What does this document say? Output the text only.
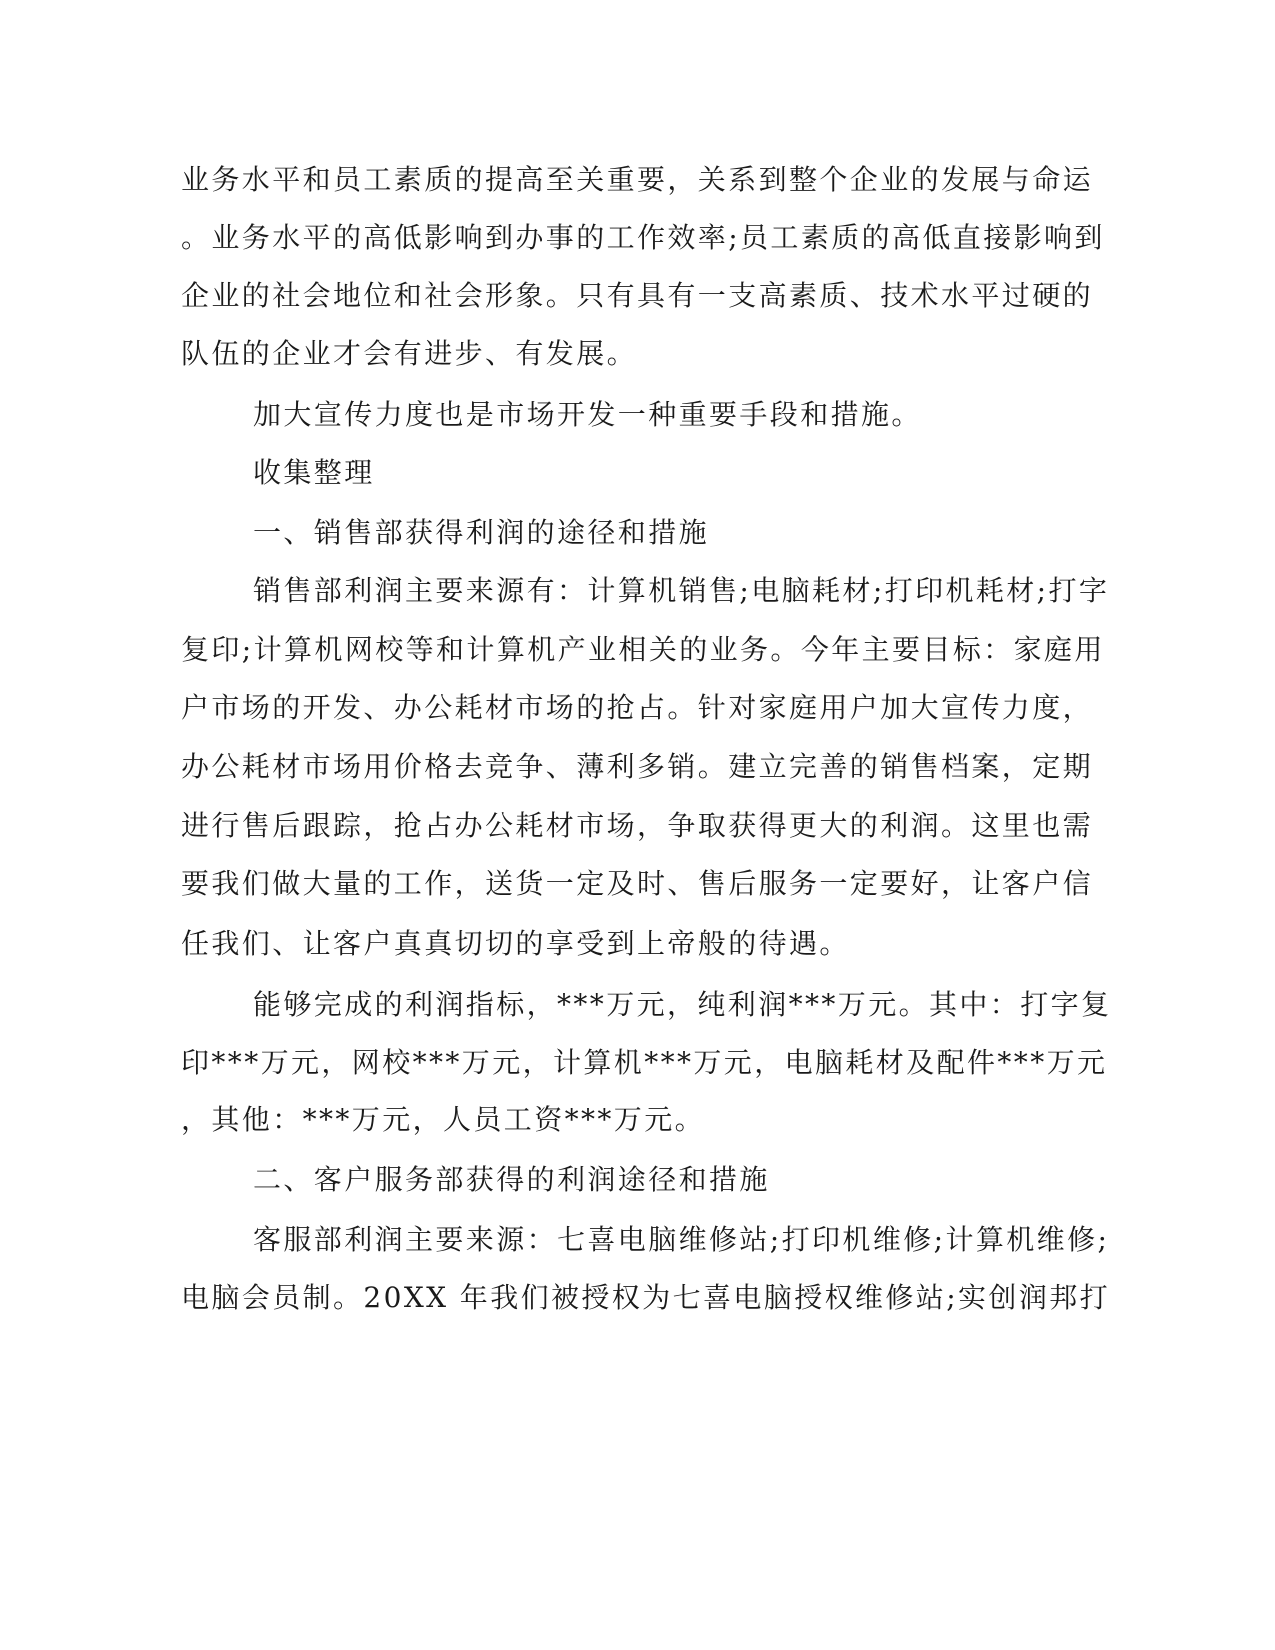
业务水平和员工素质的提高至关重要，关系到整个企业的发展与命运

。业务水平的高低影响到办事的工作效率;员工素质的高低直接影响到

企业的社会地位和社会形象。只有具有一支高素质、技术水平过硬的

队伍的企业才会有进步、有发展。

加大宣传力度也是市场开发一种重要手段和措施。

收集整理

一、销售部获得利润的途径和措施

销售部利润主要来源有：计算机销售;电脑耗材;打印机耗材;打字

复印;计算机网校等和计算机产业相关的业务。今年主要目标：家庭用

户市场的开发、办公耗材市场的抢占。针对家庭用户加大宣传力度，

办公耗材市场用价格去竞争、薄利多销。建立完善的销售档案，定期

进行售后跟踪，抢占办公耗材市场，争取获得更大的利润。这里也需

要我们做大量的工作，送货一定及时、售后服务一定要好，让客户信

任我们、让客户真真切切的享受到上帝般的待遇。

能够完成的利润指标，***万元，纯利润***万元。其中：打字复

印***万元，网校***万元，计算机***万元，电脑耗材及配件***万元

，其他：***万元，人员工资***万元。

二、客户服务部获得的利润途径和措施

客服部利润主要来源：七喜电脑维修站;打印机维修;计算机维修;

电脑会员制。20XX 年我们被授权为七喜电脑授权维修站;实创润邦打
